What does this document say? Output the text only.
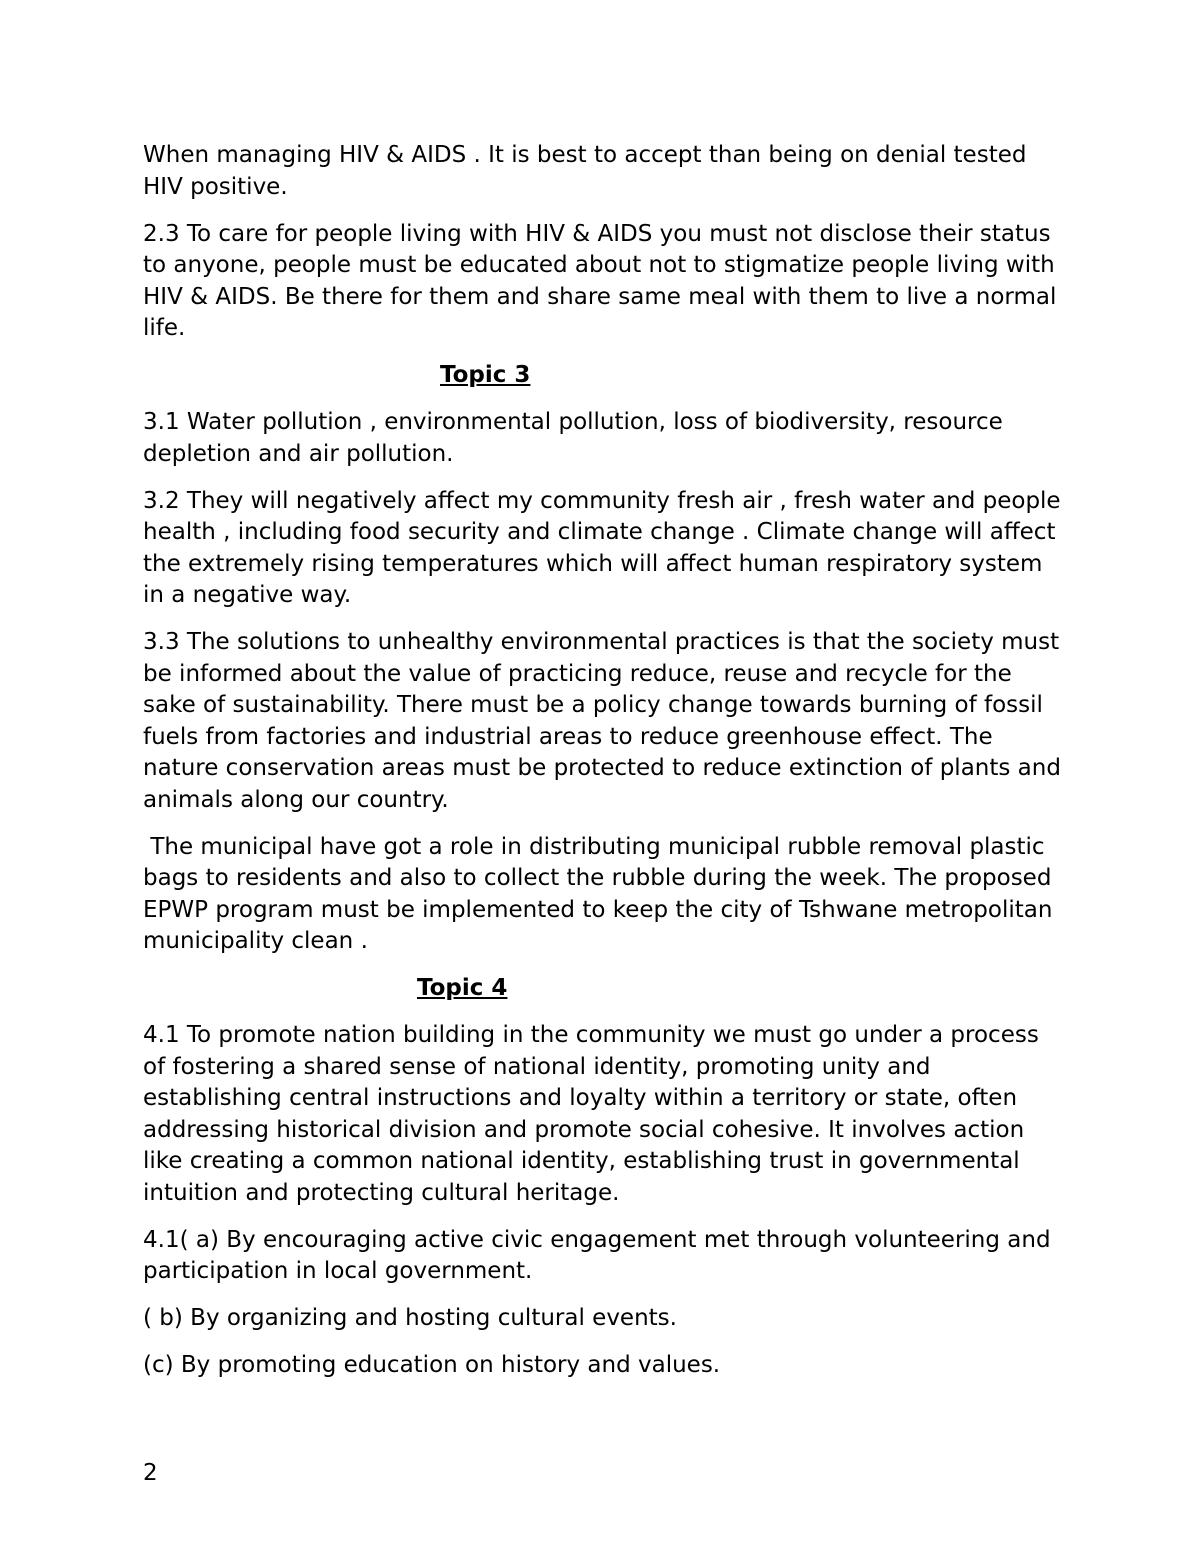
When managing HIV & AIDS . It is best to accept than being on denial tested HIV positive.

2.3 To care for people living with HIV & AIDS you must not disclose their status to anyone, people must be educated about not to stigmatize people living with HIV & AIDS. Be there for them and share same meal with them to live a normal life.

Topic 3

3.1 Water pollution , environmental pollution, loss of biodiversity, resource depletion and air pollution.

3.2 They will negatively affect my community fresh air , fresh water and people health , including food security and climate change . Climate change will affect the extremely rising temperatures which will affect human respiratory system in a negative way.

3.3 The solutions to unhealthy environmental practices is that the society must be informed about the value of practicing reduce, reuse and recycle for the sake of sustainability. There must be a policy change towards burning of fossil fuels from factories and industrial areas to reduce greenhouse effect. The nature conservation areas must be protected to reduce extinction of plants and animals along our country.

The municipal have got a role in distributing municipal rubble removal plastic bags to residents and also to collect the rubble during the week. The proposed EPWP program must be implemented to keep the city of Tshwane metropolitan municipality clean .

Topic 4

4.1 To promote nation building in the community we must go under a process of fostering a shared sense of national identity, promoting unity and establishing central instructions and loyalty within a territory or state, often addressing historical division and promote social cohesive. It involves action like creating a common national identity, establishing trust in governmental intuition and protecting cultural heritage.

4.1( a) By encouraging active civic engagement met through volunteering and participation in local government.

( b) By organizing and hosting cultural events.

(c) By promoting education on history and values.

2
